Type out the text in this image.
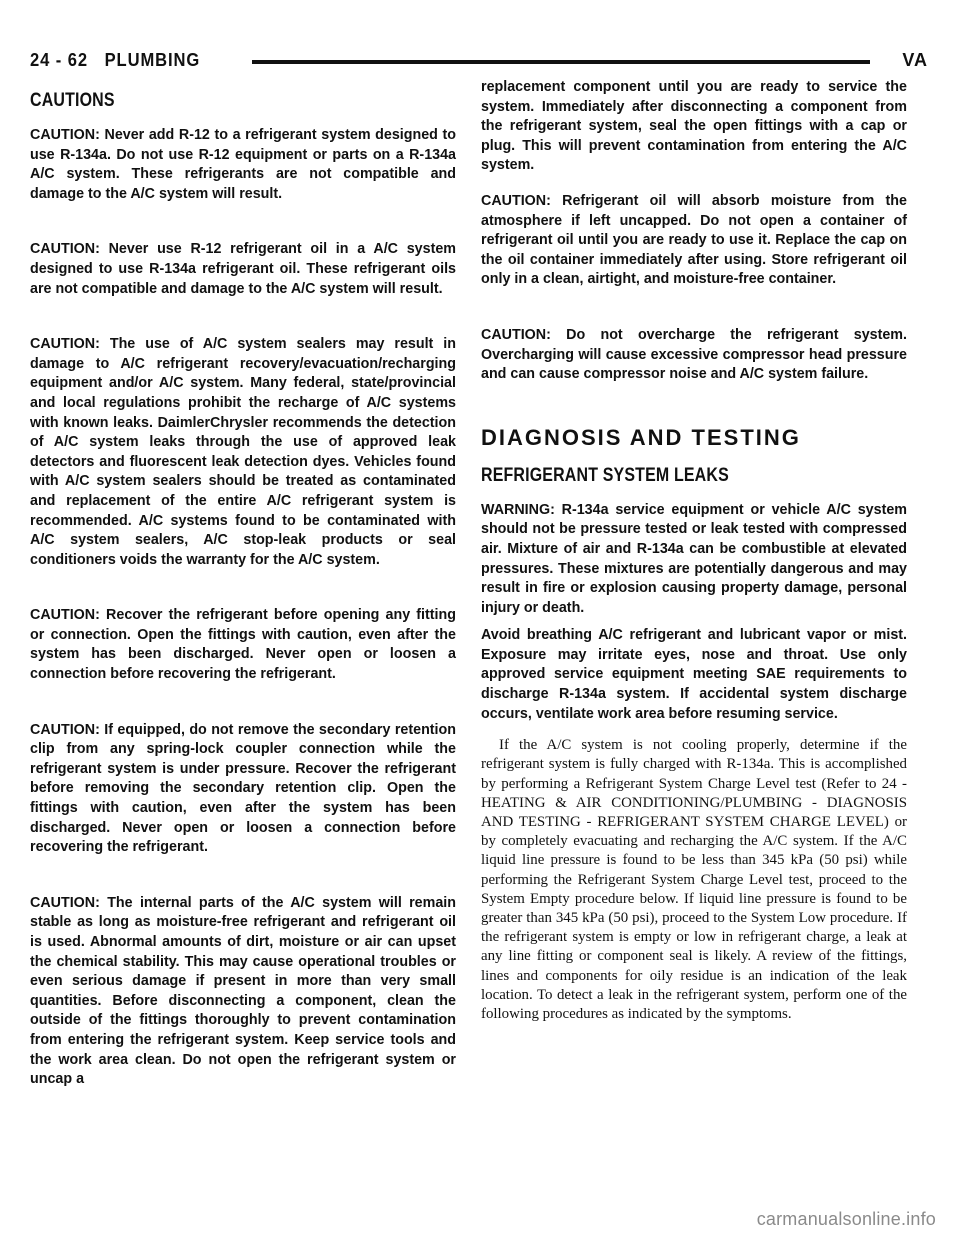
24 - 62 PLUMBING	VA
CAUTIONS

CAUTION: Never add R-12 to a refrigerant system designed to use R-134a. Do not use R-12 equipment or parts on a R-134a A/C system. These refrigerants are not compatible and damage to the A/C system will result.

CAUTION: Never use R-12 refrigerant oil in a A/C system designed to use R-134a refrigerant oil. These refrigerant oils are not compatible and damage to the A/C system will result.

CAUTION: The use of A/C system sealers may result in damage to A/C refrigerant recovery/evacuation/recharging equipment and/or A/C system. Many federal, state/provincial and local regulations prohibit the recharge of A/C systems with known leaks. DaimlerChrysler recommends the detection of A/C system leaks through the use of approved leak detectors and fluorescent leak detection dyes. Vehicles found with A/C system sealers should be treated as contaminated and replacement of the entire A/C refrigerant system is recommended. A/C systems found to be contaminated with A/C system sealers, A/C stop-leak products or seal conditioners voids the warranty for the A/C system.

CAUTION: Recover the refrigerant before opening any fitting or connection. Open the fittings with caution, even after the system has been discharged. Never open or loosen a connection before recovering the refrigerant.

CAUTION: If equipped, do not remove the secondary retention clip from any spring-lock coupler connection while the refrigerant system is under pressure. Recover the refrigerant before removing the secondary retention clip. Open the fittings with caution, even after the system has been discharged. Never open or loosen a connection before recovering the refrigerant.

CAUTION: The internal parts of the A/C system will remain stable as long as moisture-free refrigerant and refrigerant oil is used. Abnormal amounts of dirt, moisture or air can upset the chemical stability. This may cause operational troubles or even serious damage if present in more than very small quantities. Before disconnecting a component, clean the outside of the fittings thoroughly to prevent contamination from entering the refrigerant system. Keep service tools and the work area clean. Do not open the refrigerant system or uncap a

replacement component until you are ready to service the system. Immediately after disconnecting a component from the refrigerant system, seal the open fittings with a cap or plug. This will prevent contamination from entering the A/C system.

CAUTION: Refrigerant oil will absorb moisture from the atmosphere if left uncapped. Do not open a container of refrigerant oil until you are ready to use it. Replace the cap on the oil container immediately after using. Store refrigerant oil only in a clean, airtight, and moisture-free container.

CAUTION: Do not overcharge the refrigerant system. Overcharging will cause excessive compressor head pressure and can cause compressor noise and A/C system failure.

DIAGNOSIS AND TESTING
REFRIGERANT SYSTEM LEAKS

WARNING: R-134a service equipment or vehicle A/C system should not be pressure tested or leak tested with compressed air. Mixture of air and R-134a can be combustible at elevated pressures. These mixtures are potentially dangerous and may result in fire or explosion causing property damage, personal injury or death.

Avoid breathing A/C refrigerant and lubricant vapor or mist. Exposure may irritate eyes, nose and throat. Use only approved service equipment meeting SAE requirements to discharge R-134a system. If accidental system discharge occurs, ventilate work area before resuming service.

If the A/C system is not cooling properly, determine if the refrigerant system is fully charged with R-134a. This is accomplished by performing a Refrigerant System Charge Level test (Refer to 24 - HEATING & AIR CONDITIONING/PLUMBING - DIAGNOSIS AND TESTING - REFRIGERANT SYSTEM CHARGE LEVEL) or by completely evacuating and recharging the A/C system. If the A/C liquid line pressure is found to be less than 345 kPa (50 psi) while performing the Refrigerant System Charge Level test, proceed to the System Empty procedure below. If liquid line pressure is found to be greater than 345 kPa (50 psi), proceed to the System Low procedure. If the refrigerant system is empty or low in refrigerant charge, a leak at any line fitting or component seal is likely. A review of the fittings, lines and components for oily residue is an indication of the leak location. To detect a leak in the refrigerant system, perform one of the following procedures as indicated by the symptoms.

carmanualsonline.info
